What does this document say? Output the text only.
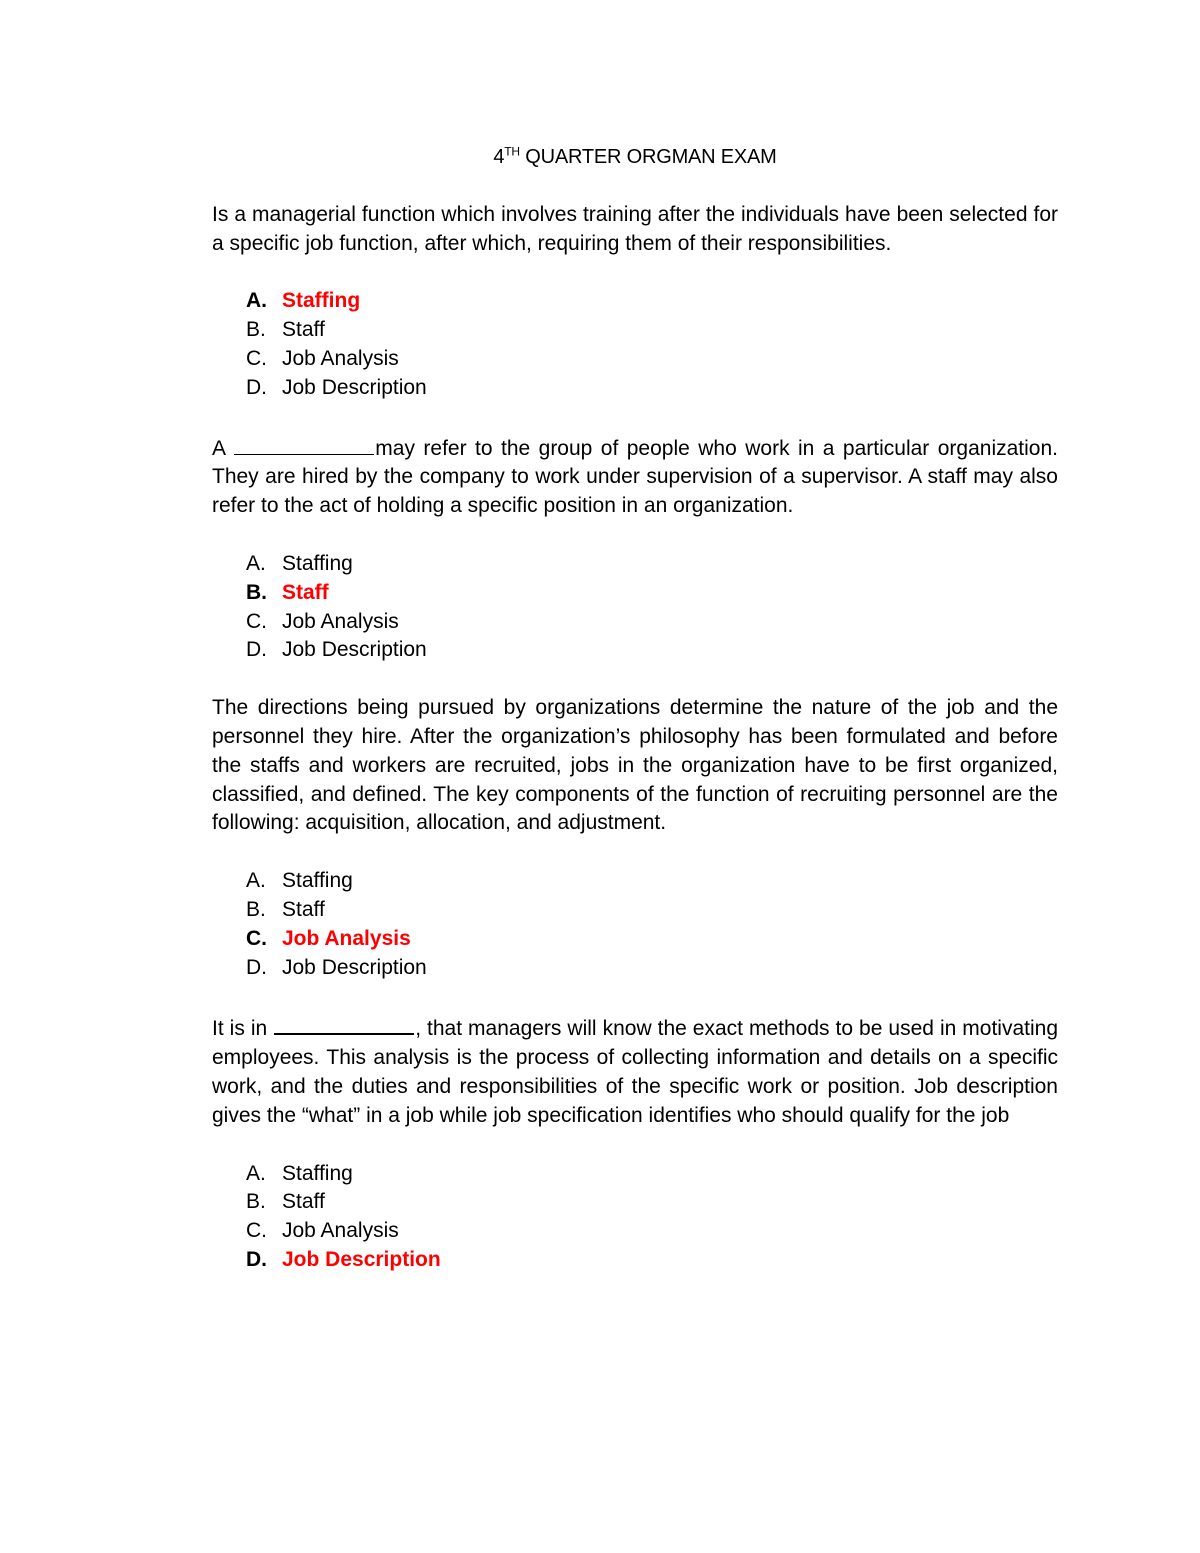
4TH QUARTER ORGMAN EXAM

Is a managerial function which involves training after the individuals have been selected for a specific job function, after which, requiring them of their responsibilities.

A. Staffing
B. Staff
C. Job Analysis
D. Job Description

A	may refer to the group of people who work in a particular organization. They are hired by the company to work under supervision of a supervisor. A staff may also refer to the act of holding a specific position in an organization.

A. Staffing
B. Staff
C. Job Analysis
D. Job Description

The directions being pursued by organizations determine the nature of the job and the personnel they hire. After the organization’s philosophy has been formulated and before the staffs and workers are recruited, jobs in the organization have to be first organized, classified, and defined. The key components of the function of recruiting personnel are the following: acquisition, allocation, and adjustment.

A. Staffing
B. Staff
C. Job Analysis
D. Job Description

It is in	, that managers will know the exact methods to be used in motivating employees. This analysis is the process of collecting information and details on a specific work, and the duties and responsibilities of the specific work or position. Job description gives the “what” in a job while job specification identifies who should qualify for the job

A. Staffing
B. Staff
C. Job Analysis
D. Job Description
